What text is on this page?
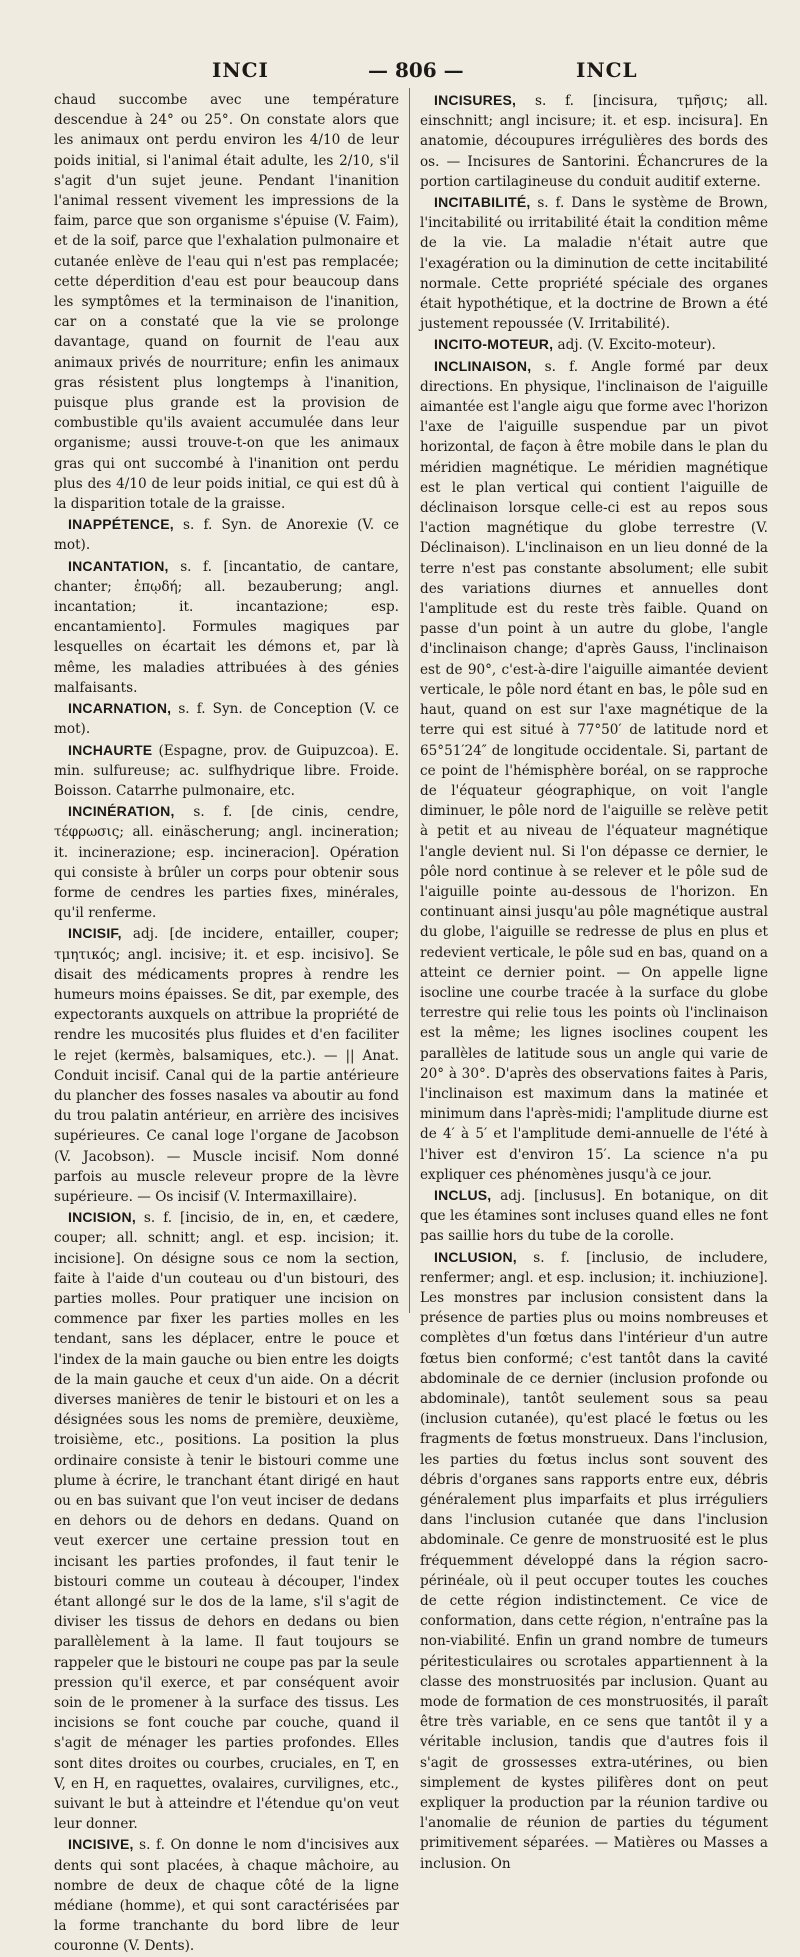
INCI	— 806 —	INCL

chaud succombe avec une température descendue à 24° ou 25°. On constate alors que les animaux ont perdu environ les 4/10 de leur poids initial, si l'animal était adulte, les 2/10, s'il s'agit d'un sujet jeune. Pendant l'inanition l'animal ressent vivement les impressions de la faim, parce que son organisme s'épuise (V. Faim), et de la soif, parce que l'exhalation pulmonaire et cutanée enlève de l'eau qui n'est pas remplacée; cette déperdition d'eau est pour beaucoup dans les symptômes et la terminaison de l'inanition, car on a constaté que la vie se prolonge davantage, quand on fournit de l'eau aux animaux privés de nourriture; enfin les animaux gras résistent plus longtemps à l'inanition, puisque plus grande est la provision de combustible qu'ils avaient accumulée dans leur organisme; aussi trouve-t-on que les animaux gras qui ont succombé à l'inanition ont perdu plus des 4/10 de leur poids initial, ce qui est dû à la disparition totale de la graisse.

INAPPÉTENCE, s. f. Syn. de Anorexie (V. ce mot).

INCANTATION, s. f. [incantatio, de cantare, chanter; ἐπῳδή; all. bezauberung; angl. incantation; it. incantazione; esp. encantamiento]. Formules magiques par lesquelles on écartait les démons et, par là même, les maladies attribuées à des génies malfaisants.

INCARNATION, s. f. Syn. de Conception (V. ce mot).

INCHAURTE (Espagne, prov. de Guipuzcoa). E. min. sulfureuse; ac. sulfhydrique libre. Froide. Boisson. Catarrhe pulmonaire, etc.

INCINÉRATION, s. f. [de cinis, cendre, τέφρωσις; all. einäscherung; angl. incineration; it. incinerazione; esp. incineracion]. Opération qui consiste à brûler un corps pour obtenir sous forme de cendres les parties fixes, minérales, qu'il renferme.

INCISIF, adj. [de incidere, entailler, couper; τμητικός; angl. incisive; it. et esp. incisivo]. Se disait des médicaments propres à rendre les humeurs moins épaisses. Se dit, par exemple, des expectorants auxquels on attribue la propriété de rendre les mucosités plus fluides et d'en faciliter le rejet (kermès, balsamiques, etc.). — || Anat. Conduit incisif. Canal qui de la partie antérieure du plancher des fosses nasales va aboutir au fond du trou palatin antérieur, en arrière des incisives supérieures. Ce canal loge l'organe de Jacobson (V. Jacobson). — Muscle incisif. Nom donné parfois au muscle releveur propre de la lèvre supérieure. — Os incisif (V. Intermaxillaire).

INCISION, s. f. [incisio, de in, en, et cædere, couper; all. schnitt; angl. et esp. incision; it. incisione]. On désigne sous ce nom la section, faite à l'aide d'un couteau ou d'un bistouri, des parties molles. Pour pratiquer une incision on commence par fixer les parties molles en les tendant, sans les déplacer, entre le pouce et l'index de la main gauche ou bien entre les doigts de la main gauche et ceux d'un aide. On a décrit diverses manières de tenir le bistouri et on les a désignées sous les noms de première, deuxième, troisième, etc., positions. La position la plus ordinaire consiste à tenir le bistouri comme une plume à écrire, le tranchant étant dirigé en haut ou en bas suivant que l'on veut inciser de dedans en dehors ou de dehors en dedans. Quand on veut exercer une certaine pression tout en incisant les parties profondes, il faut tenir le bistouri comme un couteau à découper, l'index étant allongé sur le dos de la lame, s'il s'agit de diviser les tissus de dehors en dedans ou bien parallèlement à la lame. Il faut toujours se rappeler que le bistouri ne coupe pas par la seule pression qu'il exerce, et par conséquent avoir soin de le promener à la surface des tissus. Les incisions se font couche par couche, quand il s'agit de ménager les parties profondes. Elles sont dites droites ou courbes, cruciales, en T, en V, en H, en raquettes, ovalaires, curvilignes, etc., suivant le but à atteindre et l'étendue qu'on veut leur donner.

INCISIVE, s. f. On donne le nom d'incisives aux dents qui sont placées, à chaque mâchoire, au nombre de deux de chaque côté de la ligne médiane (homme), et qui sont caractérisées par la forme tranchante du bord libre de leur couronne (V. Dents).

INCISURES, s. f. [incisura, τμῆσις; all. einschnitt; angl incisure; it. et esp. incisura]. En anatomie, découpures irrégulières des bords des os. — Incisures de Santorini. Échancrures de la portion cartilagineuse du conduit auditif externe.

INCITABILITÉ, s. f. Dans le système de Brown, l'incitabilité ou irritabilité était la condition même de la vie. La maladie n'était autre que l'exagération ou la diminution de cette incitabilité normale. Cette propriété spéciale des organes était hypothétique, et la doctrine de Brown a été justement repoussée (V. Irritabilité).

INCITO-MOTEUR, adj. (V. Excito-moteur).

INCLINAISON, s. f. Angle formé par deux directions. En physique, l'inclinaison de l'aiguille aimantée est l'angle aigu que forme avec l'horizon l'axe de l'aiguille suspendue par un pivot horizontal, de façon à être mobile dans le plan du méridien magnétique. Le méridien magnétique est le plan vertical qui contient l'aiguille de déclinaison lorsque celle-ci est au repos sous l'action magnétique du globe terrestre (V. Déclinaison). L'inclinaison en un lieu donné de la terre n'est pas constante absolument; elle subit des variations diurnes et annuelles dont l'amplitude est du reste très faible. Quand on passe d'un point à un autre du globe, l'angle d'inclinaison change; d'après Gauss, l'inclinaison est de 90°, c'est-à-dire l'aiguille aimantée devient verticale, le pôle nord étant en bas, le pôle sud en haut, quand on est sur l'axe magnétique de la terre qui est situé à 77°50′ de latitude nord et 65°51′24″ de longitude occidentale. Si, partant de ce point de l'hémisphère boréal, on se rapproche de l'équateur géographique, on voit l'angle diminuer, le pôle nord de l'aiguille se relève petit à petit et au niveau de l'équateur magnétique l'angle devient nul. Si l'on dépasse ce dernier, le pôle nord continue à se relever et le pôle sud de l'aiguille pointe au-dessous de l'horizon. En continuant ainsi jusqu'au pôle magnétique austral du globe, l'aiguille se redresse de plus en plus et redevient verticale, le pôle sud en bas, quand on a atteint ce dernier point. — On appelle ligne isocline une courbe tracée à la surface du globe terrestre qui relie tous les points où l'inclinaison est la même; les lignes isoclines coupent les parallèles de latitude sous un angle qui varie de 20° à 30°. D'après des observations faites à Paris, l'inclinaison est maximum dans la matinée et minimum dans l'après-midi; l'amplitude diurne est de 4′ à 5′ et l'amplitude demi-annuelle de l'été à l'hiver est d'environ 15′. La science n'a pu expliquer ces phénomènes jusqu'à ce jour.

INCLUS, adj. [inclusus]. En botanique, on dit que les étamines sont incluses quand elles ne font pas saillie hors du tube de la corolle.

INCLUSION, s. f. [inclusio, de includere, renfermer; angl. et esp. inclusion; it. inchiuzione]. Les monstres par inclusion consistent dans la présence de parties plus ou moins nombreuses et complètes d'un fœtus dans l'intérieur d'un autre fœtus bien conformé; c'est tantôt dans la cavité abdominale de ce dernier (inclusion profonde ou abdominale), tantôt seulement sous sa peau (inclusion cutanée), qu'est placé le fœtus ou les fragments de fœtus monstrueux. Dans l'inclusion, les parties du fœtus inclus sont souvent des débris d'organes sans rapports entre eux, débris généralement plus imparfaits et plus irréguliers dans l'inclusion cutanée que dans l'inclusion abdominale. Ce genre de monstruosité est le plus fréquemment développé dans la région sacro-périnéale, où il peut occuper toutes les couches de cette région indistinctement. Ce vice de conformation, dans cette région, n'entraîne pas la non-viabilité. Enfin un grand nombre de tumeurs péritesticulaires ou scrotales appartiennent à la classe des monstruosités par inclusion. Quant au mode de formation de ces monstruosités, il paraît être très variable, en ce sens que tantôt il y a véritable inclusion, tandis que d'autres fois il s'agit de grossesses extra-utérines, ou bien simplement de kystes pilifères dont on peut expliquer la production par la réunion tardive ou l'anomalie de réunion de parties du tégument primitivement séparées. — Matières ou Masses a inclusion. On
